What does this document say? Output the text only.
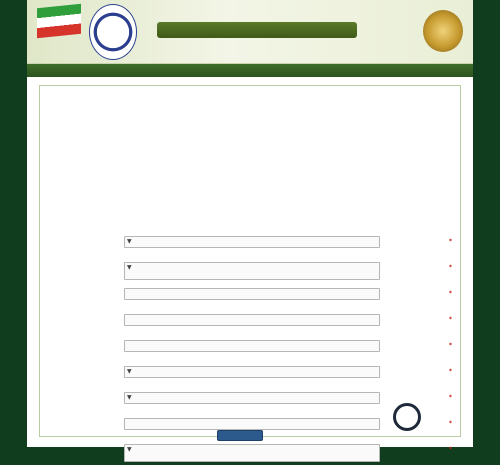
*
▼
*
▼
*
*
*
*
▼
*
▼
*
*
▼
